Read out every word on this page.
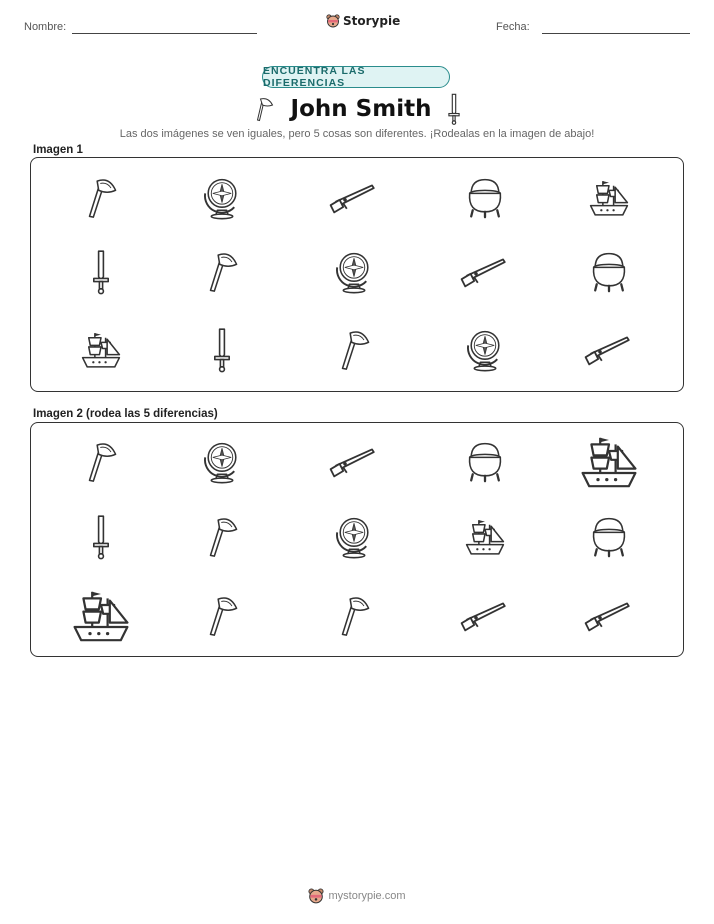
Nombre:	Storypie	Fecha:
ENCUENTRA LAS DIFERENCIAS
John Smith
Las dos imágenes se ven iguales, pero 5 cosas son diferentes. ¡Rodealas en la imagen de abajo!
Imagen 1
Imagen 2 (rodea las 5 diferencias)
mystorypie.com
